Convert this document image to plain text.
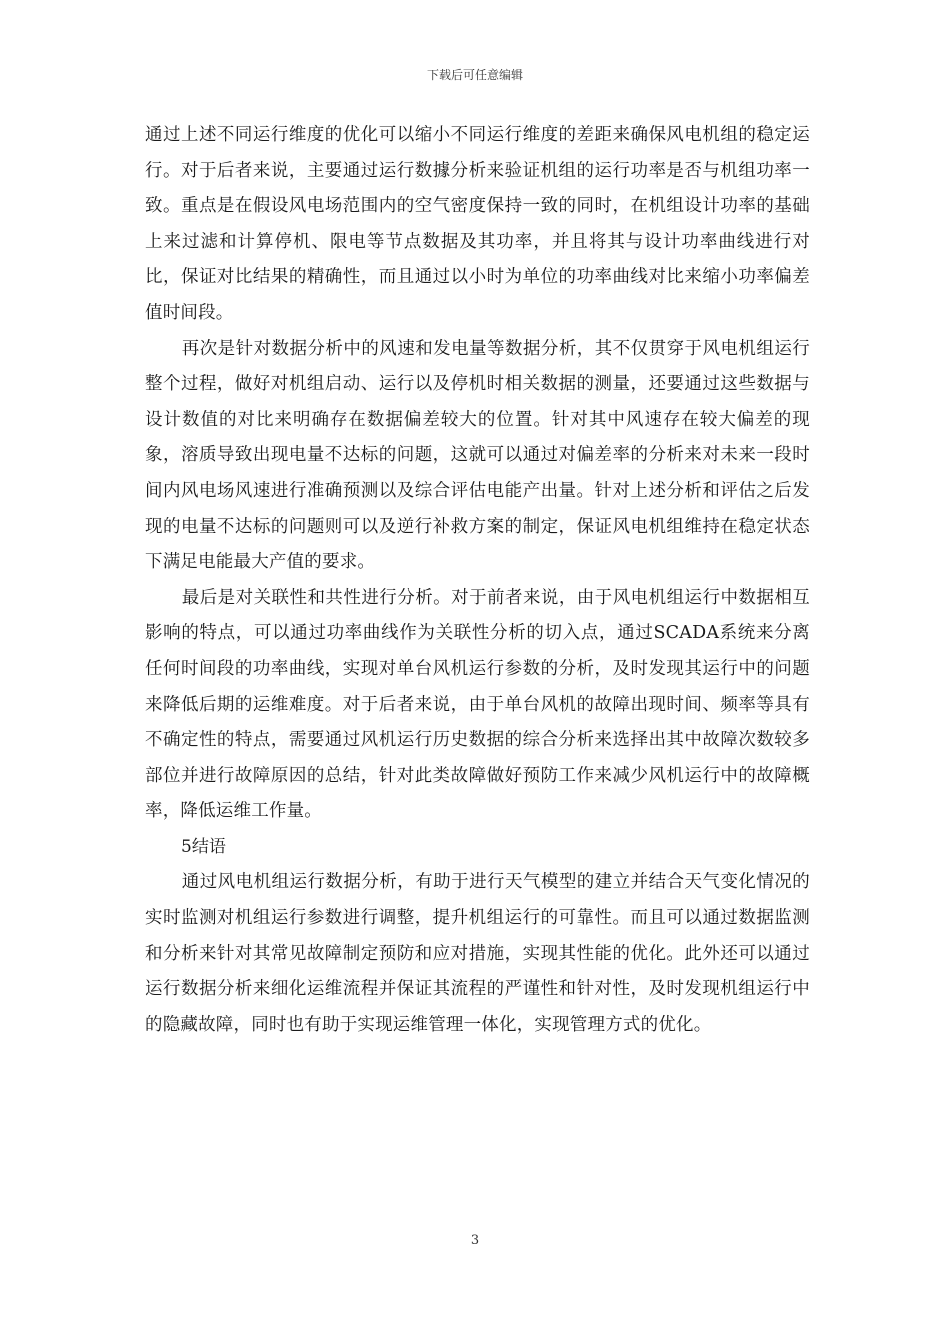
下载后可任意编辑

通过上述不同运行维度的优化可以缩小不同运行维度的差距来确保风电机组的稳定运行。对于后者来说，主要通过运行数據分析来验证机组的运行功率是否与机组功率一致。重点是在假设风电场范围内的空气密度保持一致的同时，在机组设计功率的基础上来过滤和计算停机、限电等节点数据及其功率，并且将其与设计功率曲线进行对比，保证对比结果的精确性，而且通过以小时为单位的功率曲线对比来缩小功率偏差值时间段。

再次是针对数据分析中的风速和发电量等数据分析，其不仅贯穿于风电机组运行整个过程，做好对机组启动、运行以及停机时相关数据的测量，还要通过这些数据与设计数值的对比来明确存在数据偏差较大的位置。针对其中风速存在较大偏差的现象，溶质导致出现电量不达标的问题，这就可以通过对偏差率的分析来对未来一段时间内风电场风速进行准确预测以及综合评估电能产出量。针对上述分析和评估之后发现的电量不达标的问题则可以及逆行补救方案的制定，保证风电机组维持在稳定状态下满足电能最大产值的要求。

最后是对关联性和共性进行分析。对于前者来说，由于风电机组运行中数据相互影响的特点，可以通过功率曲线作为关联性分析的切入点，通过SCADA系统来分离任何时间段的功率曲线，实现对单台风机运行参数的分析，及时发现其运行中的问题来降低后期的运维难度。对于后者来说，由于单台风机的故障出现时间、频率等具有不确定性的特点，需要通过风机运行历史数据的综合分析来选择出其中故障次数较多部位并进行故障原因的总结，针对此类故障做好预防工作来减少风机运行中的故障概率，降低运维工作量。

5结语

通过风电机组运行数据分析，有助于进行天气模型的建立并结合天气变化情况的实时监测对机组运行参数进行调整，提升机组运行的可靠性。而且可以通过数据监测和分析来针对其常见故障制定预防和应对措施，实现其性能的优化。此外还可以通过运行数据分析来细化运维流程并保证其流程的严谨性和针对性，及时发现机组运行中的隐藏故障，同时也有助于实现运维管理一体化，实现管理方式的优化。

3
